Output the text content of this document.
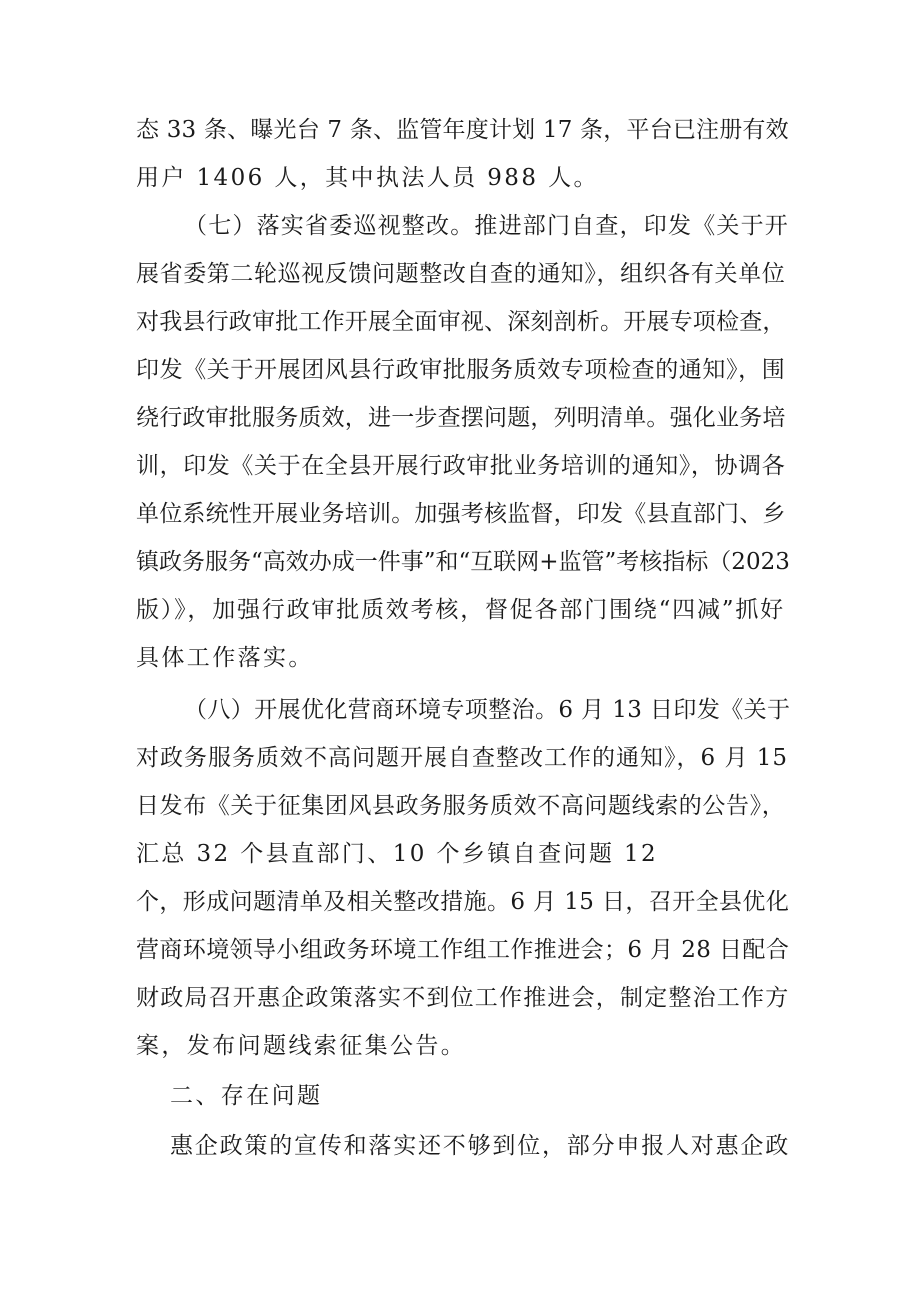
态 33 条、曝光台 7 条、监管年度计划 17 条，平台已注册有效
用户 1406 人，其中执法人员 988 人。
（七）落实省委巡视整改。推进部门自查，印发《关于开
展省委第二轮巡视反馈问题整改自查的通知》，组织各有关单位
对我县行政审批工作开展全面审视、深刻剖析。开展专项检查，
印发《关于开展团风县行政审批服务质效专项检查的通知》，围
绕行政审批服务质效，进一步查摆问题，列明清单。强化业务培
训，印发《关于在全县开展行政审批业务培训的通知》，协调各
单位系统性开展业务培训。加强考核监督，印发《县直部门、乡
镇政务服务“高效办成一件事”和“互联网+监管”考核指标（2023
版）》，加强行政审批质效考核，督促各部门围绕“四减”抓好
具体工作落实。
（八）开展优化营商环境专项整治。6 月 13 日印发《关于
对政务服务质效不高问题开展自查整改工作的通知》，6 月 15
日发布《关于征集团风县政务服务质效不高问题线索的公告》，
汇总 32 个县直部门、10 个乡镇自查问题 12
个，形成问题清单及相关整改措施。6 月 15 日，召开全县优化
营商环境领导小组政务环境工作组工作推进会；6 月 28 日配合
财政局召开惠企政策落实不到位工作推进会，制定整治工作方
案，发布问题线索征集公告。
二、存在问题
惠企政策的宣传和落实还不够到位，部分申报人对惠企政
